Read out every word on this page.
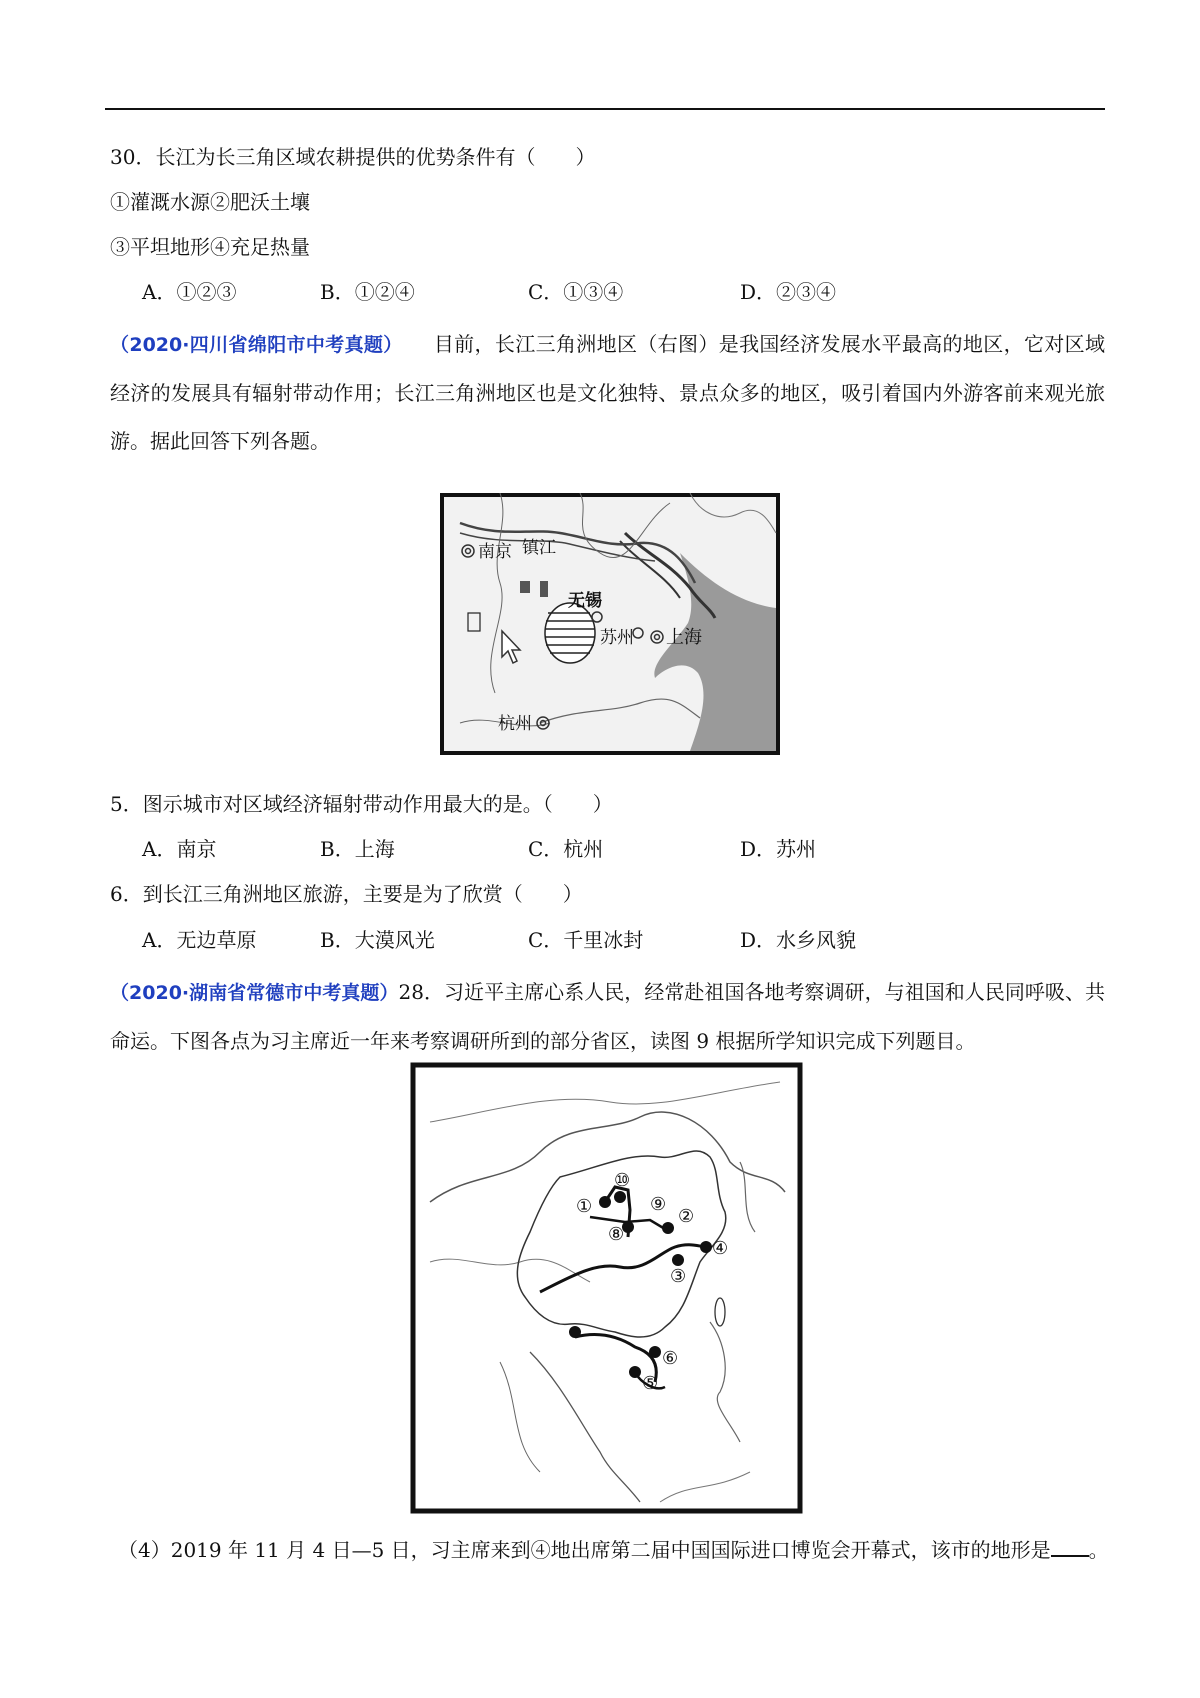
30．长江为长三角区域农耕提供的优势条件有（　　）
①灌溉水源②肥沃土壤
③平坦地形④充足热量
A．①②③	B．①②④	C．①③④	D．②③④
（2020·四川省绵阳市中考真题）　　目前，长江三角洲地区（右图）是我国经济发展水平最高的地区，它对区域经济的发展具有辐射带动作用；长江三角洲地区也是文化独特、景点众多的地区，吸引着国内外游客前来观光旅游。据此回答下列各题。
南京 镇江
无锡
苏州 上海
杭州
5．图示城市对区域经济辐射带动作用最大的是。（　　）
A．南京	B．上海	C．杭州	D．苏州
6．到长江三角洲地区旅游，主要是为了欣赏（　　）
A．无边草原	B．大漠风光	C．千里冰封	D．水乡风貌
（2020·湖南省常德市中考真题）28．习近平主席心系人民，经常赴祖国各地考察调研，与祖国和人民同呼吸、共命运。下图各点为习主席近一年来考察调研所到的部分省区，读图 9 根据所学知识完成下列题目。
①	②
③
④
⑤
⑥
⑧
⑨
⑩
（4）2019 年 11 月 4 日—5 日，习主席来到④地出席第二届中国国际进口博览会开幕式，该市的地形是 。
